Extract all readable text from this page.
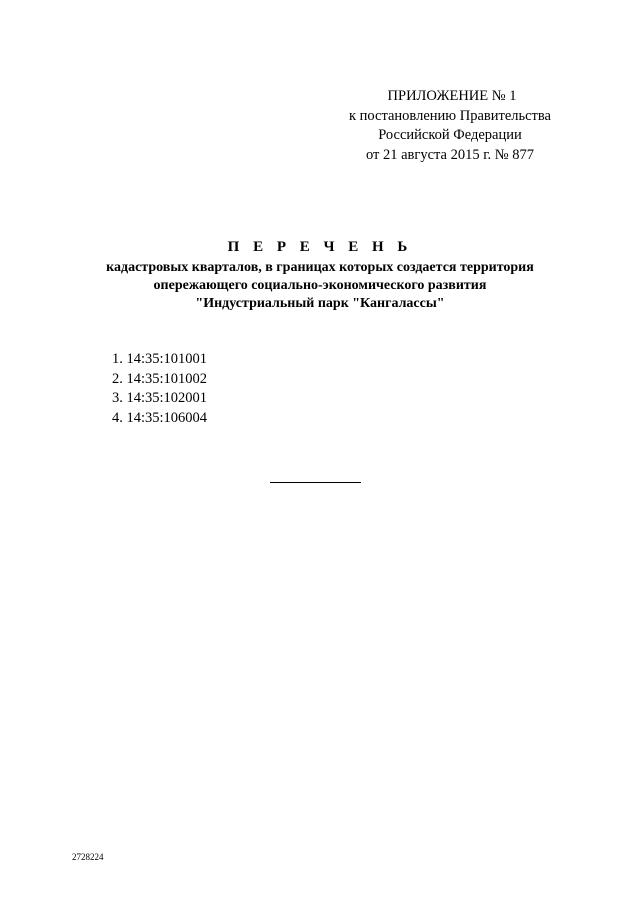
ПРИЛОЖЕНИЕ № 1
к постановлению Правительства
Российской Федерации
от 21 августа 2015 г. № 877
П Е Р Е Ч Е Н Ь
кадастровых кварталов, в границах которых создается территория
опережающего социально-экономического развития
"Индустриальный парк "Кангалассы"
1. 14:35:101001
2. 14:35:101002
3. 14:35:102001
4. 14:35:106004
2728224
